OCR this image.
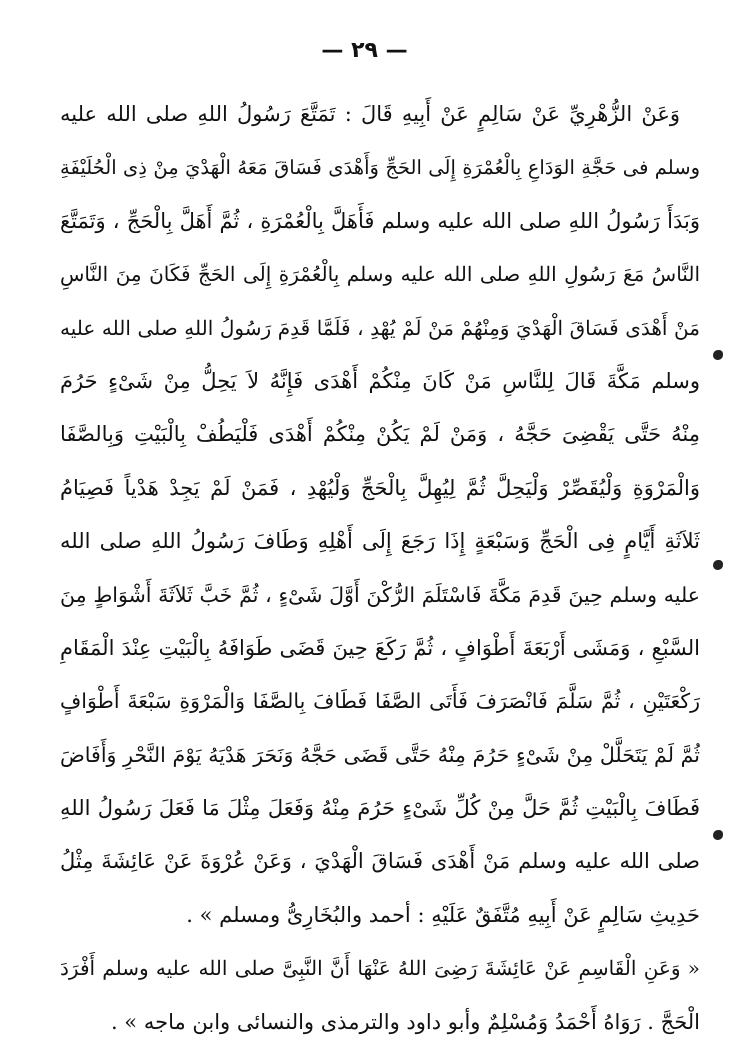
— ٢٩ —
وَعَنْ الزُّهْرِيِّ عَنْ سَالِمٍ عَنْ أَبِيهِ قَالَ : تَمَتَّعَ رَسُولُ اللهِ صلى الله عليه
وسلم فى حَجَّةِ الوَدَاعِ بِالْعُمْرَةِ إِلَى الحَجِّ وَأَهْدَى فَسَاقَ مَعَهُ الْهَدْيَ مِنْ ذِى الْحُلَيْفَةِ
وَبَدَأَ رَسُولُ اللهِ صلى الله عليه وسلم فَأَهَلَّ بِالْعُمْرَةِ ، ثُمَّ أَهَلَّ بِالْحَجِّ ، وَتَمَتَّعَ
النَّاسُ مَعَ رَسُولِ اللهِ صلى الله عليه وسلم بِالْعُمْرَةِ إِلَى الحَجِّ فَكَانَ مِنَ النَّاسِ
مَنْ أَهْدَى فَسَاقَ الْهَدْيَ وَمِنْهُمْ مَنْ لَمْ يُهْدِ ، فَلَمَّا قَدِمَ رَسُولُ اللهِ صلى الله عليه
وسلم مَكَّةَ قَالَ لِلنَّاسِ مَنْ كَانَ مِنْكُمْ أَهْدَى فَإِنَّهُ لاَ يَحِلُّ مِنْ شَىْءٍ حَرُمَ
مِنْهُ حَتَّى يَقْضِىَ حَجَّهُ ، وَمَنْ لَمْ يَكُنْ مِنْكُمْ أَهْدَى فَلْيَطُفْ بِالْبَيْتِ وَبِالصَّفَا
وَالْمَرْوَةِ وَلْيُقَصِّرْ وَلْيَحِلَّ ثُمَّ لِيُهِلَّ بِالْحَجِّ وَلْيُهْدِ ، فَمَنْ لَمْ يَجِدْ هَدْياً فَصِيَامُ
ثَلاَثَةِ أَيَّامٍ فِى الْحَجِّ وَسَبْعَةٍ إِذَا رَجَعَ إِلَى أَهْلِهِ وَطَافَ رَسُولُ اللهِ صلى الله
عليه وسلم حِينَ قَدِمَ مَكَّةَ فَاسْتَلَمَ الرُّكْنَ أَوَّلَ شَىْءٍ ، ثُمَّ خَبَّ ثَلاَثَةَ أَشْوَاطٍ مِنَ
السَّبْعِ ، وَمَشَى أَرْبَعَةَ أَطْوَافٍ ، ثُمَّ رَكَعَ حِينَ قَضَى طَوَافَهُ بِالْبَيْتِ عِنْدَ الْمَقَامِ
رَكْعَتَيْنِ ، ثُمَّ سَلَّمَ فَانْصَرَفَ فَأَتَى الصَّفَا فَطَافَ بِالصَّفَا وَالْمَرْوَةِ سَبْعَةَ أَطْوَافٍ
ثُمَّ لَمْ يَتَحَلَّلْ مِنْ شَىْءٍ حَرُمَ مِنْهُ حَتَّى قَضَى حَجَّهُ وَنَحَرَ هَدْيَهُ يَوْمَ النَّحْرِ وَأَفَاضَ
فَطَافَ بِالْبَيْتِ ثُمَّ حَلَّ مِنْ كُلِّ شَىْءٍ حَرُمَ مِنْهُ وَفَعَلَ مِثْلَ مَا فَعَلَ رَسُولُ اللهِ
صلى الله عليه وسلم مَنْ أَهْدَى فَسَاقَ الْهَدْيَ ، وَعَنْ عُرْوَةَ عَنْ عَائِشَةَ مِثْلُ
حَدِيثِ سَالِمٍ عَنْ أَبِيهِ مُتَّفَقٌ عَلَيْهِ : أحمد والبُخَارِىُّ ومسلم » .
« وَعَنِ الْقَاسِمِ عَنْ عَائِشَةَ رَضِىَ اللهُ عَنْهَا أَنَّ النَّبِىَّ صلى الله عليه وسلم أَفْرَدَ
الْحَجَّ . رَوَاهُ أَحْمَدُ وَمُسْلِمٌ وأبو داود والترمذى والنسائى وابن ماجه » .
